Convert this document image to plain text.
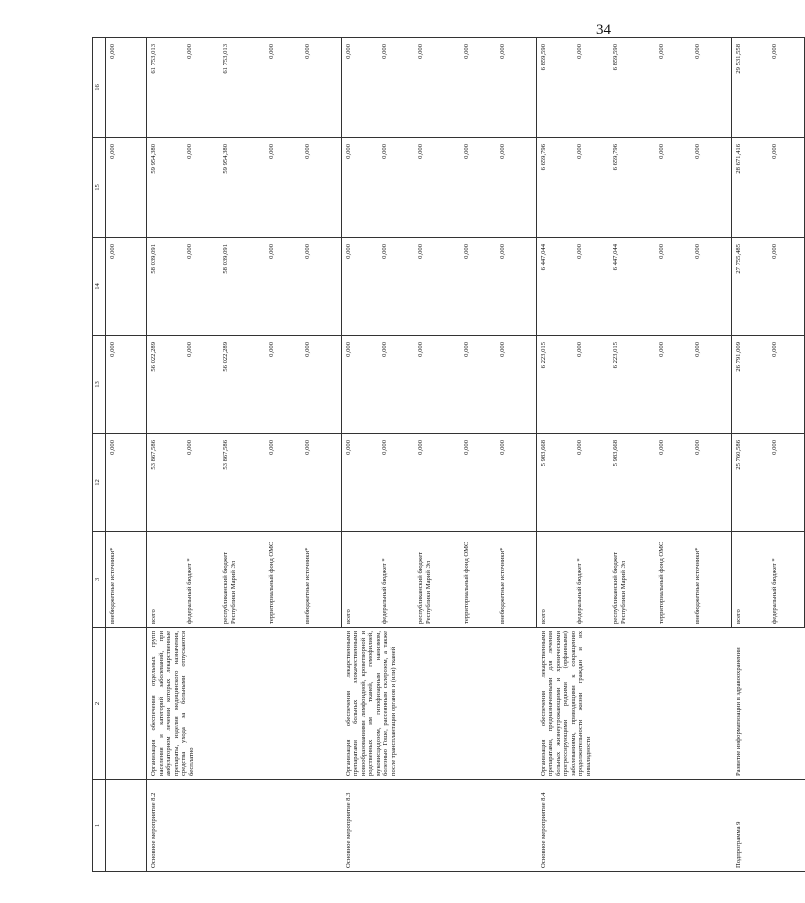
34
1	2	3	12	13	14	15	16
		внебюджетные источники*	0,000	0,000	0,000	0,000	0,000
Основное мероприятие 8.2	Организация обеспечения отдельных групп населения и категорий заболеваний, при амбулаторном лечении которых лекарственные препараты, изделия медицинского назначения, средства ухода за больными отпускаются бесплатно	всего	53 867,586	56 022,289	58 039,091	59 954,380	61 753,013
		федеральный бюджет *	0,000	0,000	0,000	0,000	0,000
		республиканский бюджет Республики Марий Эл	53 867,586	56 022,289	58 039,091	59 954,380	61 753,013
		территориальный фонд ОМС	0,000	0,000	0,000	0,000	0,000
		внебюджетные источники*	0,000	0,000	0,000	0,000	0,000
Основное мероприятие 8.3	Организация обеспечения лекарственными препаратами больных злокачественными новообразованиями лимфоидной, кроветворной и родственных им тканей, гемофилией, муковисцидозом, гипофизарным нанизмом, болезнью Гоше, рассеянным склерозом, а также после трансплантации органов и (или) тканей	всего	0,000	0,000	0,000	0,000	0,000
		федеральный бюджет *	0,000	0,000	0,000	0,000	0,000
		республиканский бюджет Республики Марий Эл	0,000	0,000	0,000	0,000	0,000
		территориальный фонд ОМС	0,000	0,000	0,000	0,000	0,000
		внебюджетные источники*	0,000	0,000	0,000	0,000	0,000
Основное мероприятие 8.4	Организация обеспечения лекарственными препаратами, предназначенными для лечения больных жизнеугрожающими и хроническими прогрессирующими редкими (орфанными) заболеваниями, приводящими к сокращению продолжительности жизни граждан и их инвалидности	всего	5 983,668	6 223,015	6 447,044	6 659,796	6 859,590
		федеральный бюджет *	0,000	0,000	0,000	0,000	0,000
		республиканский бюджет Республики Марий Эл	5 983,668	6 223,015	6 447,044	6 659,796	6 859,590
		территориальный фонд ОМС	0,000	0,000	0,000	0,000	0,000
		внебюджетные источники*	0,000	0,000	0,000	0,000	0,000
Подпрограмма 9	Развитие информатизации в здравоохранении	всего	25 760,586	26 791,009	27 755,485	28 671,416	29 531,558
		федеральный бюджет *	0,000	0,000	0,000	0,000	0,000
